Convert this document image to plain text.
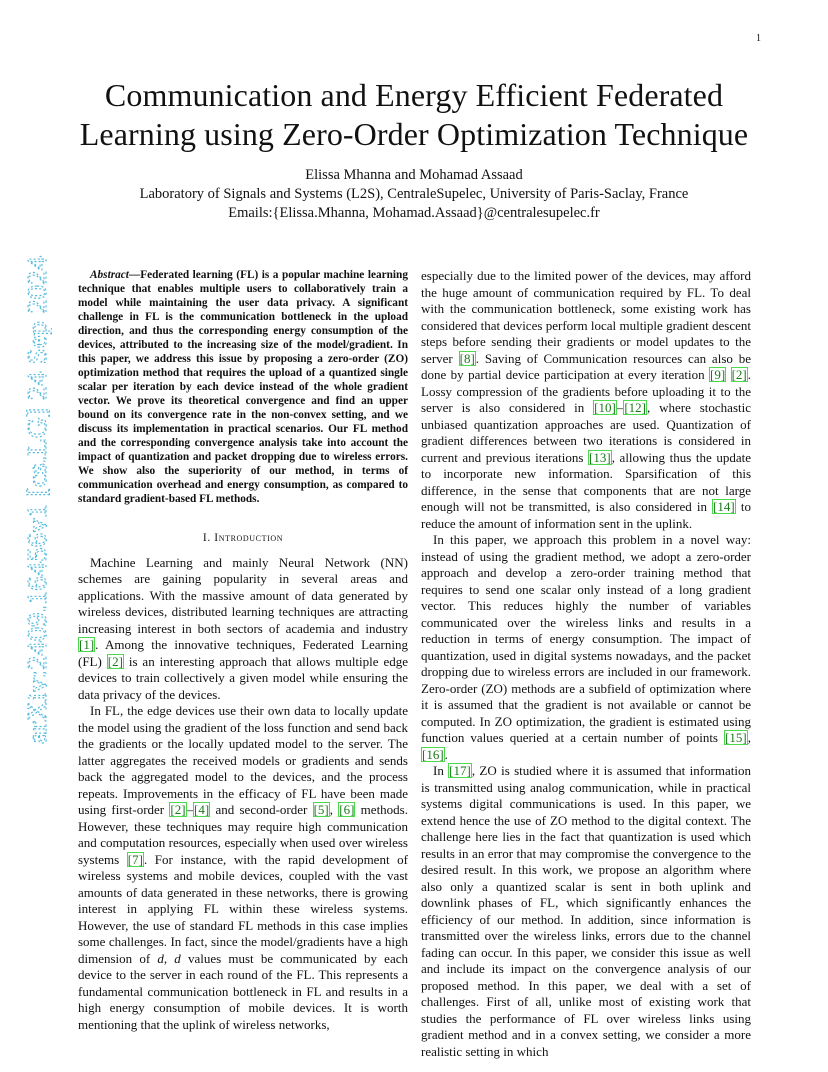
1
arXiv:2409.16456v1 [cs.LG] 24 Sep 2024
Communication and Energy Efficient Federated
Learning using Zero-Order Optimization Technique
Elissa Mhanna and Mohamad Assaad
Laboratory of Signals and Systems (L2S), CentraleSupelec, University of Paris-Saclay, France
Emails:{Elissa.Mhanna, Mohamad.Assaad}@centralesupelec.fr

Abstract—Federated learning (FL) is a popular machine learning technique that enables multiple users to collaboratively train a model while maintaining the user data privacy. A significant challenge in FL is the communication bottleneck in the upload direction, and thus the corresponding energy consumption of the devices, attributed to the increasing size of the model/gradient. In this paper, we address this issue by proposing a zero-order (ZO) optimization method that requires the upload of a quantized single scalar per iteration by each device instead of the whole gradient vector. We prove its theoretical convergence and find an upper bound on its convergence rate in the non-convex setting, and we discuss its implementation in practical scenarios. Our FL method and the corresponding convergence analysis take into account the impact of quantization and packet dropping due to wireless errors. We show also the superiority of our method, in terms of communication overhead and energy consumption, as compared to standard gradient-based FL methods.

I. Introduction

Machine Learning and mainly Neural Network (NN) schemes are gaining popularity in several areas and applications. With the massive amount of data generated by wireless devices, distributed learning techniques are attracting increasing interest in both sectors of academia and industry [1]. Among the innovative techniques, Federated Learning (FL) [2] is an interesting approach that allows multiple edge devices to train collectively a given model while ensuring the data privacy of the devices.

In FL, the edge devices use their own data to locally update the model using the gradient of the loss function and send back the gradients or the locally updated model to the server. The latter aggregates the received models or gradients and sends back the aggregated model to the devices, and the process repeats. Improvements in the efficacy of FL have been made using first-order [2]–[4] and second-order [5], [6] methods. However, these techniques may require high communication and computation resources, especially when used over wireless systems [7]. For instance, with the rapid development of wireless systems and mobile devices, coupled with the vast amounts of data generated in these networks, there is growing interest in applying FL within these wireless systems. However, the use of standard FL methods in this case implies some challenges. In fact, since the model/gradients have a high dimension of d, d values must be communicated by each device to the server in each round of the FL. This represents a fundamental communication bottleneck in FL and results in a high energy consumption of mobile devices. It is worth mentioning that the uplink of wireless networks,

especially due to the limited power of the devices, may afford the huge amount of communication required by FL. To deal with the communication bottleneck, some existing work has considered that devices perform local multiple gradient descent steps before sending their gradients or model updates to the server [8]. Saving of Communication resources can also be done by partial device participation at every iteration [9] [2]. Lossy compression of the gradients before uploading it to the server is also considered in [10]–[12], where stochastic unbiased quantization approaches are used. Quantization of gradient differences between two iterations is considered in current and previous iterations [13], allowing thus the update to incorporate new information. Sparsification of this difference, in the sense that components that are not large enough will not be transmitted, is also considered in [14] to reduce the amount of information sent in the uplink.

In this paper, we approach this problem in a novel way: instead of using the gradient method, we adopt a zero-order approach and develop a zero-order training method that requires to send one scalar only instead of a long gradient vector. This reduces highly the number of variables communicated over the wireless links and results in a reduction in terms of energy consumption. The impact of quantization, used in digital systems nowadays, and the packet dropping due to wireless errors are included in our framework. Zero-order (ZO) methods are a subfield of optimization where it is assumed that the gradient is not available or cannot be computed. In ZO optimization, the gradient is estimated using function values queried at a certain number of points [15], [16].

In [17], ZO is studied where it is assumed that information is transmitted using analog communication, while in practical systems digital communications is used. In this paper, we extend hence the use of ZO method to the digital context. The challenge here lies in the fact that quantization is used which results in an error that may compromise the convergence to the desired result. In this work, we propose an algorithm where also only a quantized scalar is sent in both uplink and downlink phases of FL, which significantly enhances the efficiency of our method. In addition, since information is transmitted over the wireless links, errors due to the channel fading can occur. In this paper, we consider this issue as well and include its impact on the convergence analysis of our proposed method. In this paper, we deal with a set of challenges. First of all, unlike most of existing work that studies the performance of FL over wireless links using gradient method and in a convex setting, we consider a more realistic setting in which
